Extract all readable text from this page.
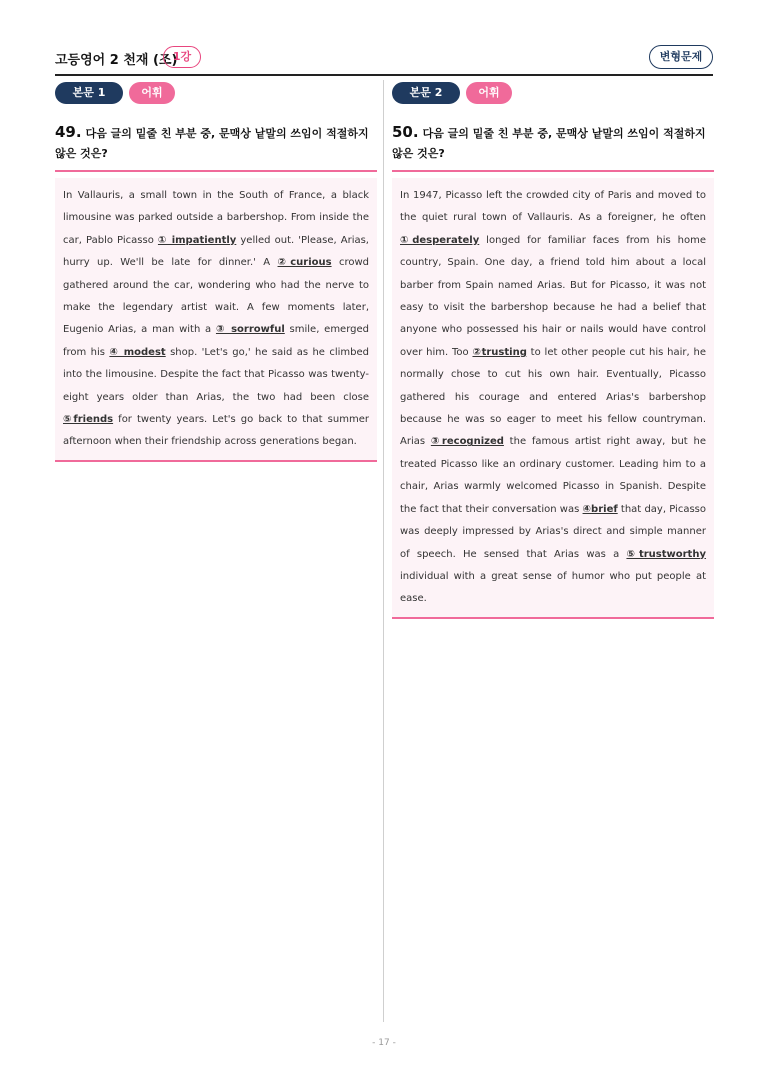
고등영어 2 천재 (조)
1강	변형문제
본문 1	어휘
49. 다음 글의 밑줄 친 부분 중, 문맥상 낱말의 쓰임이 적절하지 않은 것은?
In Vallauris, a small town in the South of France, a black limousine was parked outside a barbershop. From inside the car, Pablo Picasso ① impatiently yelled out. 'Please, Arias, hurry up. We'll be late for dinner.' A ②curious crowd gathered around the car, wondering who had the nerve to make the legendary artist wait. A few moments later, Eugenio Arias, a man with a ③ sorrowful smile, emerged from his ④ modest shop. 'Let's go,' he said as he climbed into the limousine. Despite the fact that Picasso was twenty-eight years older than Arias, the two had been close ⑤friends for twenty years. Let's go back to that summer afternoon when their friendship across generations began.
본문 2	어휘
50. 다음 글의 밑줄 친 부분 중, 문맥상 낱말의 쓰임이 적절하지 않은 것은?
In 1947, Picasso left the crowded city of Paris and moved to the quiet rural town of Vallauris. As a foreigner, he often ①desperately longed for familiar faces from his home country, Spain. One day, a friend told him about a local barber from Spain named Arias. But for Picasso, it was not easy to visit the barbershop because he had a belief that anyone who possessed his hair or nails would have control over him. Too ②trusting to let other people cut his hair, he normally chose to cut his own hair. Eventually, Picasso gathered his courage and entered Arias's barbershop because he was so eager to meet his fellow countryman. Arias ③recognized the famous artist right away, but he treated Picasso like an ordinary customer. Leading him to a chair, Arias warmly welcomed Picasso in Spanish. Despite the fact that their conversation was ④brief that day, Picasso was deeply impressed by Arias's direct and simple manner of speech. He sensed that Arias was a ⑤trustworthy individual with a great sense of humor who put people at ease.
- 17 -
